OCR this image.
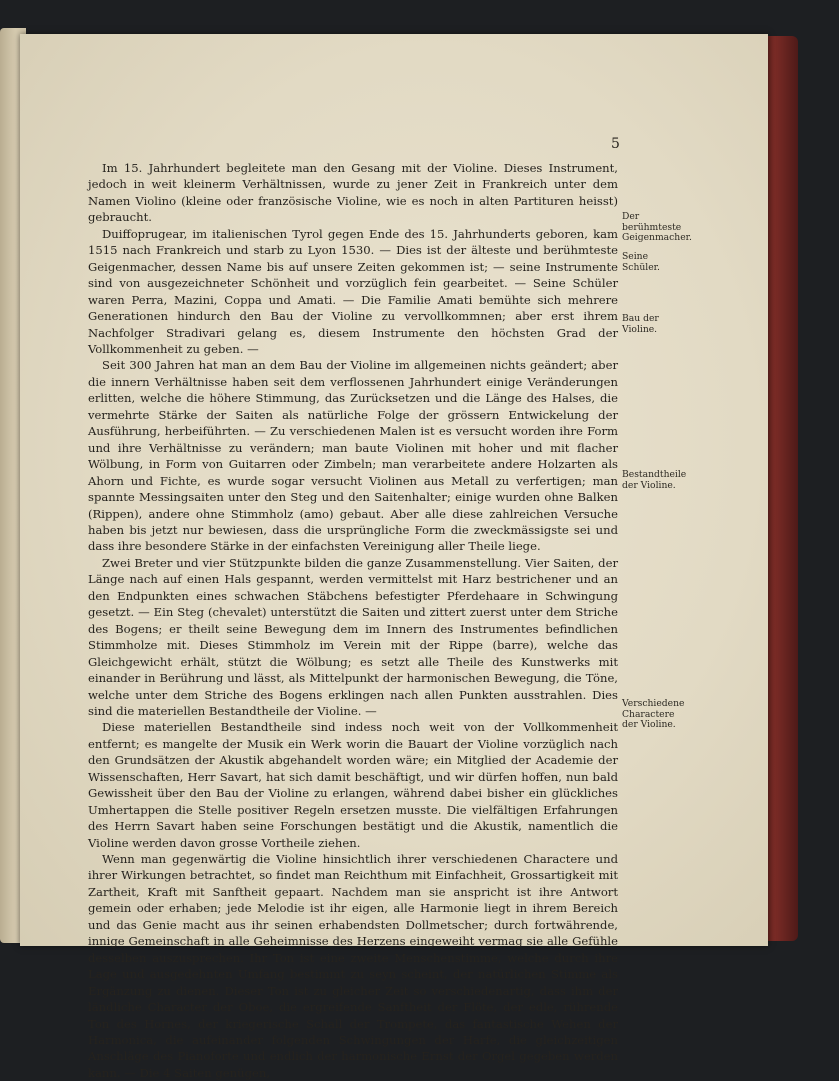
5

Im 15. Jahrhundert begleitete man den Gesang mit der Violine. Dieses Instrument, jedoch in weit kleinerm Verhältnissen, wurde zu jener Zeit in Frankreich unter dem Namen Violino (kleine oder französische Violine, wie es noch in alten Partituren heisst) gebraucht.

Duiffoprugear, im italienischen Tyrol gegen Ende des 15. Jahrhunderts geboren, kam 1515 nach Frankreich und starb zu Lyon 1530. — Dies ist der älteste und berühmteste Geigenmacher, dessen Name bis auf unsere Zeiten gekommen ist; — seine Instrumente sind von ausgezeichneter Schönheit und vorzüglich fein gearbeitet. — Seine Schüler waren Perra, Mazini, Coppa und Amati. — Die Familie Amati bemühte sich mehrere Generationen hindurch den Bau der Violine zu vervollkommnen; aber erst ihrem Nachfolger Stradivari gelang es, diesem Instrumente den höchsten Grad der Vollkommenheit zu geben. —

Seit 300 Jahren hat man an dem Bau der Violine im allgemeinen nichts geändert; aber die innern Verhältnisse haben seit dem verflossenen Jahrhundert einige Veränderungen erlitten, welche die höhere Stimmung, das Zurücksetzen und die Länge des Halses, die vermehrte Stärke der Saiten als natürliche Folge der grössern Entwickelung der Ausführung, herbeiführten. — Zu verschiedenen Malen ist es versucht worden ihre Form und ihre Verhältnisse zu verändern; man baute Violinen mit hoher und mit flacher Wölbung, in Form von Guitarren oder Zimbeln; man verarbeitete andere Holzarten als Ahorn und Fichte, es wurde sogar versucht Violinen aus Metall zu verfertigen; man spannte Messingsaiten unter den Steg und den Saitenhalter; einige wurden ohne Balken (Rippen), andere ohne Stimmholz (amo) gebaut. Aber alle diese zahlreichen Versuche haben bis jetzt nur bewiesen, dass die ursprüngliche Form die zweckmässigste sei und dass ihre besondere Stärke in der einfachsten Vereinigung aller Theile liege.

Zwei Breter und vier Stützpunkte bilden die ganze Zusammenstellung. Vier Saiten, der Länge nach auf einen Hals gespannt, werden vermittelst mit Harz bestrichener und an den Endpunkten eines schwachen Stäbchens befestigter Pferdehaare in Schwingung gesetzt. — Ein Steg (chevalet) unterstützt die Saiten und zittert zuerst unter dem Striche des Bogens; er theilt seine Bewegung dem im Innern des Instrumentes befindlichen Stimmholze mit. Dieses Stimmholz im Verein mit der Rippe (barre), welche das Gleichgewicht erhält, stützt die Wölbung; es setzt alle Theile des Kunstwerks mit einander in Berührung und lässt, als Mittelpunkt der harmonischen Bewegung, die Töne, welche unter dem Striche des Bogens erklingen nach allen Punkten ausstrahlen. Dies sind die materiellen Bestandtheile der Violine. —

Diese materiellen Bestandtheile sind indess noch weit von der Vollkommenheit entfernt; es mangelte der Musik ein Werk worin die Bauart der Violine vorzüglich nach den Grundsätzen der Akustik abgehandelt worden wäre; ein Mitglied der Academie der Wissenschaften, Herr Savart, hat sich damit beschäftigt, und wir dürfen hoffen, nun bald Gewissheit über den Bau der Violine zu erlangen, während dabei bisher ein glückliches Umhertappen die Stelle positiver Regeln ersetzen musste. Die vielfältigen Erfahrungen des Herrn Savart haben seine Forschungen bestätigt und die Akustik, namentlich die Violine werden davon grosse Vortheile ziehen.

Wenn man gegenwärtig die Violine hinsichtlich ihrer verschiedenen Charactere und ihrer Wirkungen betrachtet, so findet man Reichthum mit Einfachheit, Grossartigkeit mit Zartheit, Kraft mit Sanftheit gepaart. Nachdem man sie anspricht ist ihre Antwort gemein oder erhaben; jede Melodie ist ihr eigen, alle Harmonie liegt in ihrem Bereich und das Genie macht aus ihr seinen erhabendsten Dollmetscher; durch fortwährende, innige Gemeinschaft in alle Geheimnisse des Herzens eingeweiht vermag sie alle Gefühle desselben auszusprechen. Ihr Ton ist eine zweite Menschenstimme, welche durch ihre Lage und ausgedehnten Umfang bestimmt zu seyn scheint, der natürlichen Stimme als Ergänzung zu dienen. Dieser Ton ist zu gleicher Zeit so verschiedenartig, dass ihm der ländliche Character der Oboe, die ergreifende Sanftheit der Flöte, der edle, rührende Ton des Hornes, der kriegerische Schall der Trompete, das fantastische Wehen der Harmonica, die aufeinander folgenden Schwingungen der Harfe, die gleichzeitigen Anschläge des Pianoforte und endlich der harmonische Ernst der Orgel gegeben werden kann. — Die 4 Saiten genügen,

Der berühmteste Geigenmacher.
Seine Schüler.
Bau der Violine.
Bestandtheile der Violine.
Verschiedene Charactere der Violine.
